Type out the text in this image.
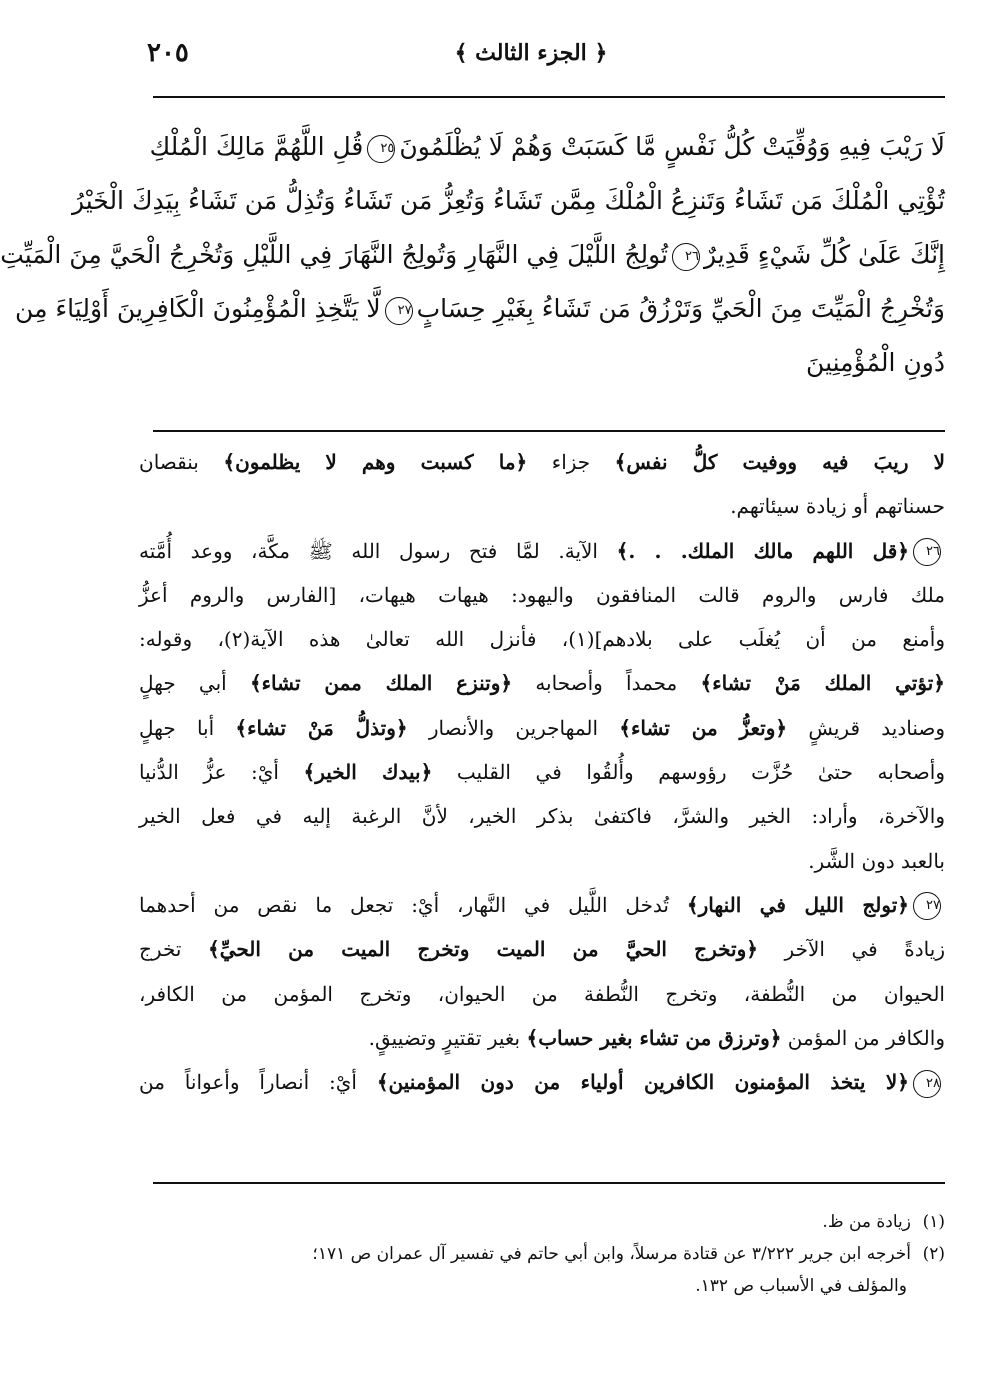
٢٠٥	﴿ الجزء الثالث ﴾
لَا رَيْبَ فِيهِ وَوُفِّيَتْ كُلُّ نَفْسٍ مَّا كَسَبَتْ وَهُمْ لَا يُظْلَمُونَ٢٥قُلِ اللَّهُمَّ مَالِكَ الْمُلْكِ
تُؤْتِي الْمُلْكَ مَن تَشَاءُ وَتَنزِعُ الْمُلْكَ مِمَّن تَشَاءُ وَتُعِزُّ مَن تَشَاءُ وَتُذِلُّ مَن تَشَاءُ بِيَدِكَ الْخَيْرُ
إِنَّكَ عَلَىٰ كُلِّ شَيْءٍ قَدِيرٌ٢٦تُولِجُ اللَّيْلَ فِي النَّهَارِ وَتُولِجُ النَّهَارَ فِي اللَّيْلِ وَتُخْرِجُ الْحَيَّ مِنَ الْمَيِّتِ
وَتُخْرِجُ الْمَيِّتَ مِنَ الْحَيِّ وَتَرْزُقُ مَن تَشَاءُ بِغَيْرِ حِسَابٍ٢٧لَّا يَتَّخِذِ الْمُؤْمِنُونَ الْكَافِرِينَ أَوْلِيَاءَ مِن
دُونِ الْمُؤْمِنِينَ
لا ريبَ فيه ووفيت كلُّ نفس﴾ جزاء ﴿ما كسبت وهم لا يظلمون﴾ بنقصان
حسناتهم أو زيادة سيئاتهم.
٢٦﴿قل اللهم مالك الملك. . .﴾ الآية. لمَّا فتح رسول الله ﷺ مكَّة، ووعد أُمَّته
ملك فارس والروم قالت المنافقون واليهود: هيهات هيهات، [الفارس والروم أعزُّ
وأمنع من أن يُغلَب على بلادهم](١)، فأنزل الله تعالىٰ هذه الآية(٢)، وقوله:
﴿تؤتي الملك مَنْ تشاء﴾ محمداً وأصحابه ﴿وتنزع الملك ممن تشاء﴾ أبي جهلٍ
وصناديد قريشٍ ﴿وتعزُّ من تشاء﴾ المهاجرين والأنصار ﴿وتذلُّ مَنْ تشاء﴾ أبا جهلٍ
وأصحابه حتىٰ حُزَّت رؤوسهم وأُلقُوا في القليب ﴿بيدك الخير﴾ أيْ: عزُّ الدُّنيا
والآخرة، وأراد: الخير والشرَّ، فاكتفىٰ بذكر الخير، لأنَّ الرغبة إليه في فعل الخير
بالعبد دون الشَّر.
٢٧﴿تولج الليل في النهار﴾ تُدخل اللَّيل في النَّهار، أيْ: تجعل ما نقص من أحدهما
زيادةً في الآخر ﴿وتخرج الحيَّ من الميت وتخرج الميت من الحيِّ﴾ تخرج
الحيوان من النُّطفة، وتخرج النُّطفة من الحيوان، وتخرج المؤمن من الكافر،
والكافر من المؤمن ﴿وترزق من تشاء بغير حساب﴾ بغير تقتيرٍ وتضييقٍ.
٢٨﴿لا يتخذ المؤمنون الكافرين أولياء من دون المؤمنين﴾ أيْ: أنصاراً وأعواناً من
(١)زيادة من ظ.
(٢)أخرجه ابن جرير ٣/٢٢٢ عن قتادة مرسلاً، وابن أبي حاتم في تفسير آل عمران ص ١٧١؛
والمؤلف في الأسباب ص ١٣٢.
